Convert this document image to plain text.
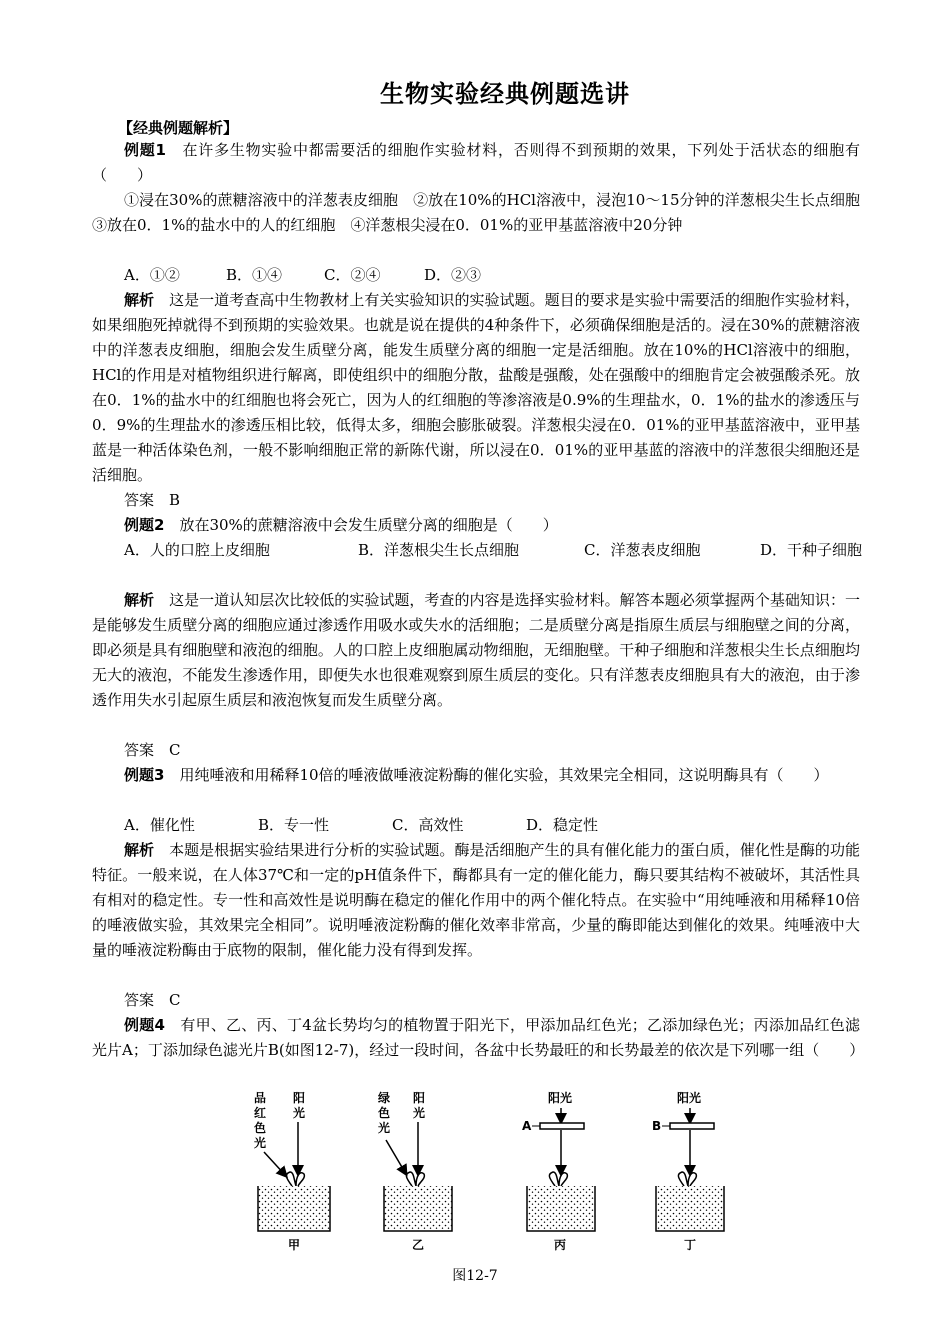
生物实验经典例题选讲
【经典例题解析】
例题1　 在许多生物实验中都需要活的细胞作实验材料，否则得不到预期的效果，下列处于活状态的细胞有（　　）
①浸在30%的蔗糖溶液中的洋葱表皮细胞　②放在10%的HCl溶液中，浸泡10～15分钟的洋葱根尖生长点细胞　③放在0．1%的盐水中的人的红细胞　④洋葱根尖浸在0．01%的亚甲基蓝溶液中20分钟
A．①②	B．①④	C．②④	D．②③
解析　 这是一道考查高中生物教材上有关实验知识的实验试题。题目的要求是实验中需要活的细胞作实验材料，如果细胞死掉就得不到预期的实验效果。也就是说在提供的4种条件下，必须确保细胞是活的。浸在30%的蔗糖溶液中的洋葱表皮细胞，细胞会发生质壁分离，能发生质壁分离的细胞一定是活细胞。放在10%的HCl溶液中的细胞，HCl的作用是对植物组织进行解离，即使组织中的细胞分散，盐酸是强酸，处在强酸中的细胞肯定会被强酸杀死。放在0．1%的盐水中的红细胞也将会死亡，因为人的红细胞的等渗溶液是0.9%的生理盐水，0．1%的盐水的渗透压与0．9%的生理盐水的渗透压相比较，低得太多，细胞会膨胀破裂。洋葱根尖浸在0．01%的亚甲基蓝溶液中，亚甲基蓝是一种活体染色剂，一般不影响细胞正常的新陈代谢，所以浸在0．01%的亚甲基蓝的溶液中的洋葱很尖细胞还是活细胞。
答案　B
例题2　 放在30%的蔗糖溶液中会发生质壁分离的细胞是（　　）
A．人的口腔上皮细胞	B．洋葱根尖生长点细胞	C．洋葱表皮细胞	D．干种子细胞
解析　 这是一道认知层次比较低的实验试题，考查的内容是选择实验材料。解答本题必须掌握两个基础知识：一是能够发生质壁分离的细胞应通过渗透作用吸水或失水的活细胞；二是质壁分离是指原生质层与细胞壁之间的分离，即必须是具有细胞壁和液泡的细胞。人的口腔上皮细胞属动物细胞，无细胞壁。干种子细胞和洋葱根尖生长点细胞均无大的液泡，不能发生渗透作用，即便失水也很难观察到原生质层的变化。只有洋葱表皮细胞具有大的液泡，由于渗透作用失水引起原生质层和液泡恢复而发生质壁分离。
答案　C
例题3　 用纯唾液和用稀释10倍的唾液做唾液淀粉酶的催化实验，其效果完全相同，这说明酶具有（　　）
A．催化性	B．专一性	C．高效性	D．稳定性
解析　 本题是根据实验结果进行分析的实验试题。酶是活细胞产生的具有催化能力的蛋白质，催化性是酶的功能特征。一般来说，在人体37℃和一定的pH值条件下，酶都具有一定的催化能力，酶只要其结构不被破坏，其活性具有相对的稳定性。专一性和高效性是说明酶在稳定的催化作用中的两个催化特点。在实验中“用纯唾液和用稀释10倍的唾液做实验，其效果完全相同”。说明唾液淀粉酶的催化效率非常高，少量的酶即能达到催化的效果。纯唾液中大量的唾液淀粉酶由于底物的限制，催化能力没有得到发挥。
答案　C
例题4　 有甲、乙、丙、丁4盆长势均匀的植物置于阳光下，甲添加品红色光；乙添加绿色光；丙添加品红色滤光片A；丁添加绿色滤光片B(如图12-7)，经过一段时间，各盆中长势最旺的和长势最差的依次是下列哪一组（　　）
品
红
色
光
阳
光
甲
绿
色
光
阳
光
乙
阳光
A
丙
阳光
B
丁
图12-7
